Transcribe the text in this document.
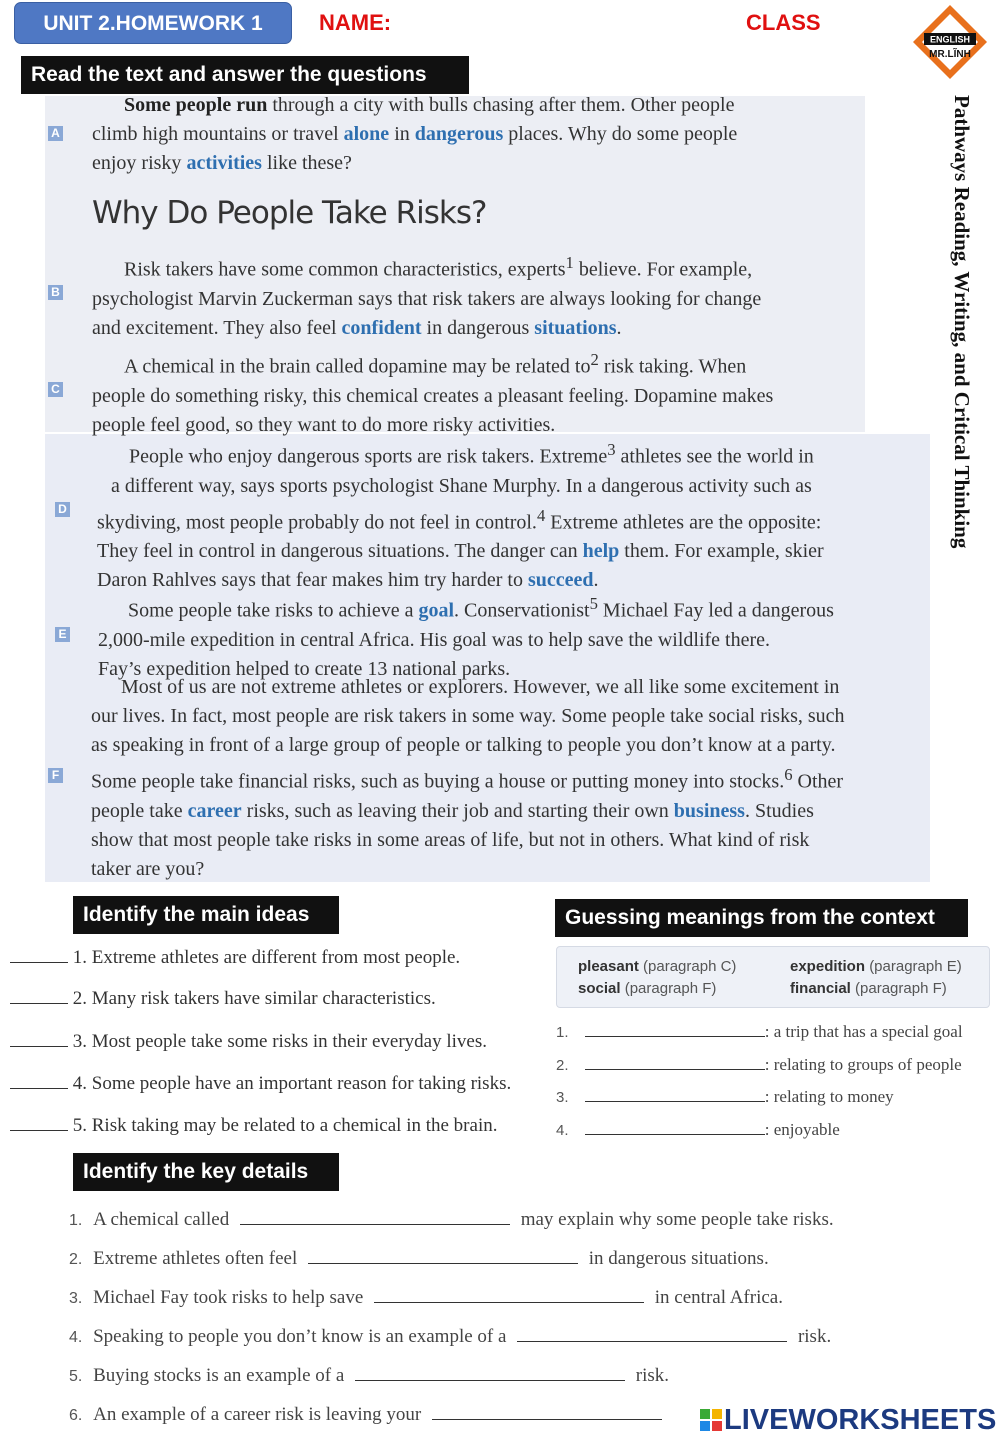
UNIT 2.HOMEWORK 1	NAME:	CLASS
ENGLISH
MR.LĨNH
Pathways Reading, Writing, and Critical Thinking
Read the text and answer the questions
A
Some people run through a city with bulls chasing after them. Other people
climb high mountains or travel alone in dangerous places. Why do some people
enjoy risky activities like these?
Why Do People Take Risks?
B
Risk takers have some common characteristics, experts$^1$ believe. For example,
psychologist Marvin Zuckerman says that risk takers are always looking for change
and excitement. They also feel confident in dangerous situations.
C
A chemical in the brain called dopamine may be related $to^2$ risk taking. When
people do something risky, this chemical creates a pleasant feeling. Dopamine makes
people feel good, so they want to do more risky activities.
D
People who enjoy dangerous sports are risk takers. Extreme$^3$ athletes see the world in
a different way, says sports psychologist Shane Murphy. In a dangerous activity such as
skydiving, most people probably do not feel in control.$^4$ Extreme athletes are the opposite:
They feel in control in dangerous situations. The danger can help them. For example, skier
Daron Rahlves says that fear makes him try harder to succeed.
E
Some people take risks to achieve a goal. Conservationist$^5$ Michael Fay led a dangerous
2,000-mile expedition in central Africa. His goal was to help save the wildlife there.
Fay’s expedition helped to create 13 national parks.
F
Most of us are not extreme athletes or explorers. However, we all like some excitement in
our lives. In fact, most people are risk takers in some way. Some people take social risks, such
as speaking in front of a large group of people or talking to people you don’t know at a party.
Some people take financial risks, such as buying a house or putting money into stocks.$^6$ Other
people take career risks, such as leaving their job and starting their own business. Studies
show that most people take risks in some areas of life, but not in others. What kind of risk
taker are you?
Identify the main ideas
1. Extreme athletes are different from most people.
2. Many risk takers have similar characteristics.
3. Most people take some risks in their everyday lives.
4. Some people have an important reason for taking risks.
5. Risk taking may be related to a chemical in the brain.
Guessing meanings from the context
pleasant (paragraph C)	expedition (paragraph E)
social (paragraph F)	financial (paragraph F)
1.	: a trip that has a special goal
2.	: relating to groups of people
3.	: relating to money
4.	: enjoyable
Identify the key details
1. A chemical called	may explain why some people take risks.
2. Extreme athletes often feel	in dangerous situations.
3. Michael Fay took risks to help save	in central Africa.
4. Speaking to people you don’t know is an example of a	risk.
5. Buying stocks is an example of a	risk.
6. An example of a career risk is leaving your	LIVEWORKSHEETS
